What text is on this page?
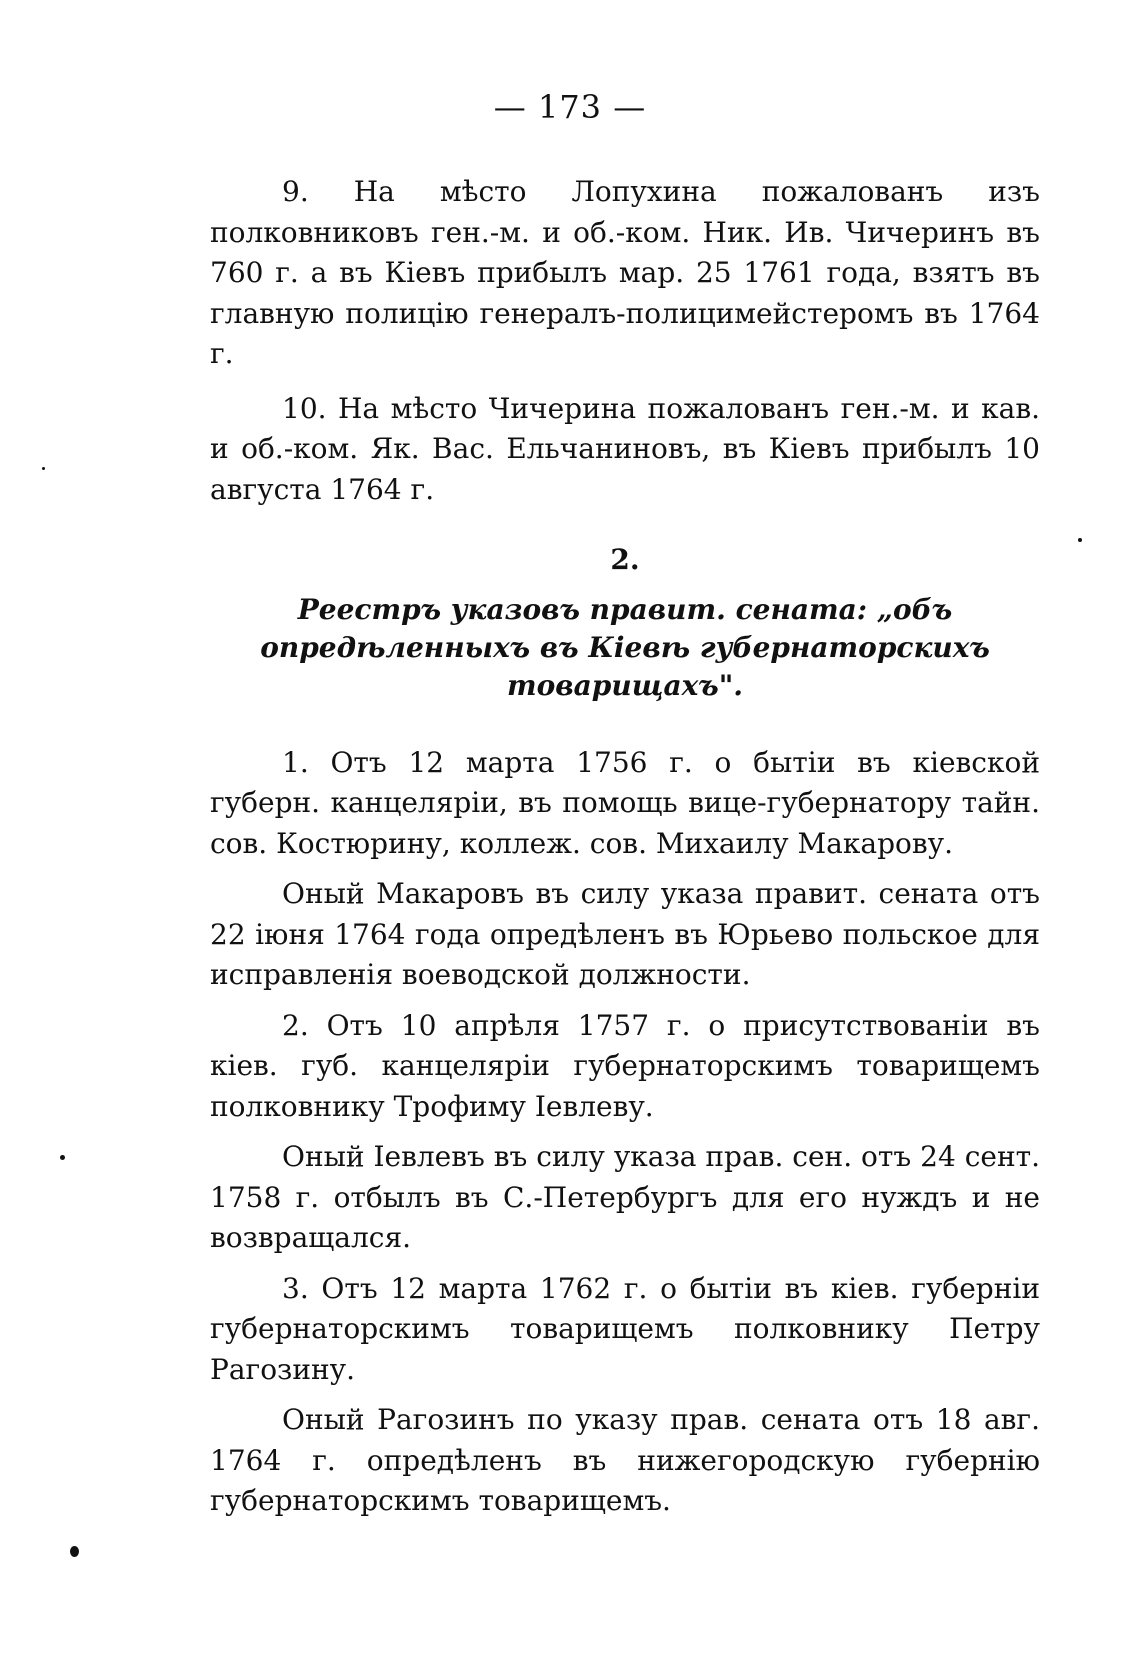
— 173 —

9. На мѣсто Лопухина пожалованъ изъ полковниковъ ген.-м. и об.-ком. Ник. Ив. Чичеринъ въ 760 г. а въ Кіевъ прибылъ мар. 25 1761 года, взятъ въ главную полицію генералъ-полицимейстеромъ въ 1764 г.

10. На мѣсто Чичерина пожалованъ ген.-м. и кав. и об.-ком. Як. Вас. Ельчаниновъ, въ Кіевъ прибылъ 10 августа 1764 г.

2.
Реестръ указовъ правит. сената: „объ опредѣленныхъ въ Кіевѣ губернаторскихъ товарищахъ".

1. Отъ 12 марта 1756 г. о бытіи въ кіевской губерн. канцеляріи, въ помощь вице-губернатору тайн. сов. Костюрину, коллеж. сов. Михаилу Макарову.

Оный Макаровъ въ силу указа правит. сената отъ 22 іюня 1764 года опредѣленъ въ Юрьево польское для исправленія воеводской должности.

2. Отъ 10 апрѣля 1757 г. о присутствованіи въ кіев. губ. канцеляріи губернаторскимъ товарищемъ полковнику Трофиму Іевлеву.

Оный Іевлевъ въ силу указа прав. сен. отъ 24 сент. 1758 г. отбылъ въ С.-Петербургъ для его нуждъ и не возвращался.

3. Отъ 12 марта 1762 г. о бытіи въ кіев. губерніи губернаторскимъ товарищемъ полковнику Петру Рагозину.

Оный Рагозинъ по указу прав. сената отъ 18 авг. 1764 г. опредѣленъ въ нижегородскую губернію губернаторскимъ товарищемъ.
